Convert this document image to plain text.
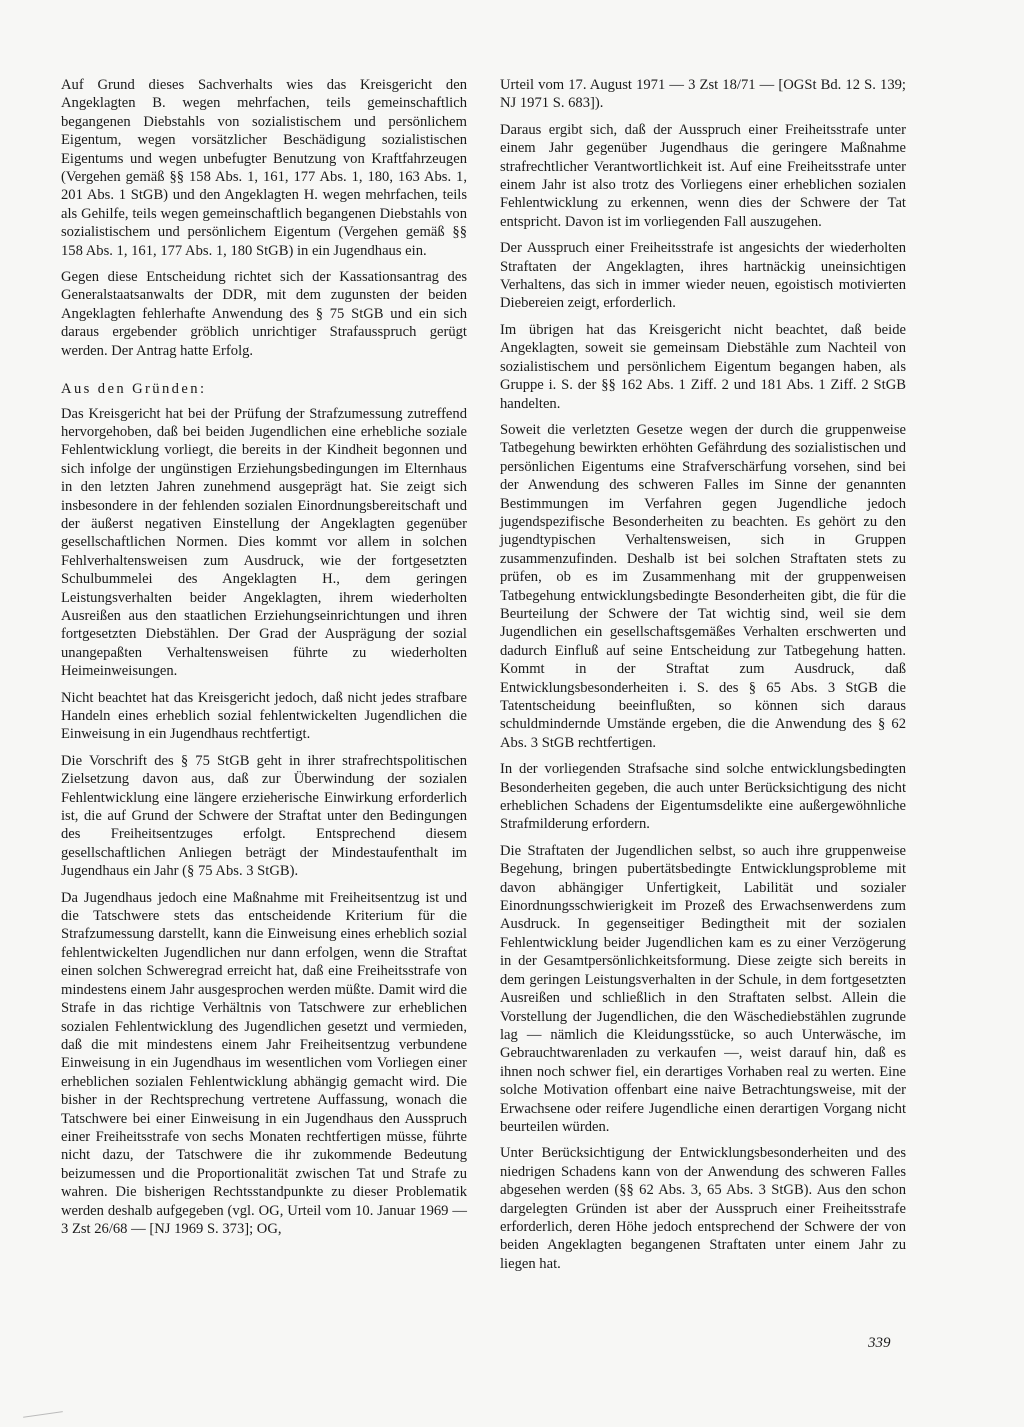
Auf Grund dieses Sachverhalts wies das Kreisgericht den Angeklagten B. wegen mehrfachen, teils gemeinschaftlich begangenen Diebstahls von sozialistischem und persönlichem Eigentum, wegen vorsätzlicher Beschädigung sozialistischen Eigentums und wegen unbefugter Benutzung von Kraftfahrzeugen (Vergehen gemäß §§ 158 Abs. 1, 161, 177 Abs. 1, 180, 163 Abs. 1, 201 Abs. 1 StGB) und den Angeklagten H. wegen mehrfachen, teils als Gehilfe, teils wegen gemeinschaftlich begangenen Diebstahls von sozialistischem und persönlichem Eigentum (Vergehen gemäß §§ 158 Abs. 1, 161, 177 Abs. 1, 180 StGB) in ein Jugendhaus ein.

Gegen diese Entscheidung richtet sich der Kassationsantrag des Generalstaatsanwalts der DDR, mit dem zugunsten der beiden Angeklagten fehlerhafte Anwendung des § 75 StGB und ein sich daraus ergebender gröblich unrichtiger Strafausspruch gerügt werden. Der Antrag hatte Erfolg.

Aus den Gründen:

Das Kreisgericht hat bei der Prüfung der Strafzumessung zutreffend hervorgehoben, daß bei beiden Jugendlichen eine erhebliche soziale Fehlentwicklung vorliegt, die bereits in der Kindheit begonnen und sich infolge der ungünstigen Erziehungsbedingungen im Elternhaus in den letzten Jahren zunehmend ausgeprägt hat. Sie zeigt sich insbesondere in der fehlenden sozialen Einordnungsbereitschaft und der äußerst negativen Einstellung der Angeklagten gegenüber gesellschaftlichen Normen. Dies kommt vor allem in solchen Fehlverhaltensweisen zum Ausdruck, wie der fortgesetzten Schulbummelei des Angeklagten H., dem geringen Leistungsverhalten beider Angeklagten, ihrem wiederholten Ausreißen aus den staatlichen Erziehungseinrichtungen und ihren fortgesetzten Diebstählen. Der Grad der Ausprägung der sozial unangepaßten Verhaltensweisen führte zu wiederholten Heimeinweisungen.

Nicht beachtet hat das Kreisgericht jedoch, daß nicht jedes strafbare Handeln eines erheblich sozial fehlentwickelten Jugendlichen die Einweisung in ein Jugendhaus rechtfertigt.

Die Vorschrift des § 75 StGB geht in ihrer strafrechtspolitischen Zielsetzung davon aus, daß zur Überwindung der sozialen Fehlentwicklung eine längere erzieherische Einwirkung erforderlich ist, die auf Grund der Schwere der Straftat unter den Bedingungen des Freiheitsentzuges erfolgt. Entsprechend diesem gesellschaftlichen Anliegen beträgt der Mindestaufenthalt im Jugendhaus ein Jahr (§ 75 Abs. 3 StGB).

Da Jugendhaus jedoch eine Maßnahme mit Freiheitsentzug ist und die Tatschwere stets das entscheidende Kriterium für die Strafzumessung darstellt, kann die Einweisung eines erheblich sozial fehlentwickelten Jugendlichen nur dann erfolgen, wenn die Straftat einen solchen Schweregrad erreicht hat, daß eine Freiheitsstrafe von mindestens einem Jahr ausgesprochen werden müßte. Damit wird die Strafe in das richtige Verhältnis von Tatschwere zur erheblichen sozialen Fehlentwicklung des Jugendlichen gesetzt und vermieden, daß die mit mindestens einem Jahr Freiheitsentzug verbundene Einweisung in ein Jugendhaus im wesentlichen vom Vorliegen einer erheblichen sozialen Fehlentwicklung abhängig gemacht wird. Die bisher in der Rechtsprechung vertretene Auffassung, wonach die Tatschwere bei einer Einweisung in ein Jugendhaus den Ausspruch einer Freiheitsstrafe von sechs Monaten rechtfertigen müsse, führte nicht dazu, der Tatschwere die ihr zukommende Bedeutung beizumessen und die Proportionalität zwischen Tat und Strafe zu wahren. Die bisherigen Rechtsstandpunkte zu dieser Problematik werden deshalb aufgegeben (vgl. OG, Urteil vom 10. Januar 1969 — 3 Zst 26/68 — [NJ 1969 S. 373]; OG,

Urteil vom 17. August 1971 — 3 Zst 18/71 — [OGSt Bd. 12 S. 139; NJ 1971 S. 683]).

Daraus ergibt sich, daß der Ausspruch einer Freiheitsstrafe unter einem Jahr gegenüber Jugendhaus die geringere Maßnahme strafrechtlicher Verantwortlichkeit ist. Auf eine Freiheitsstrafe unter einem Jahr ist also trotz des Vorliegens einer erheblichen sozialen Fehlentwicklung zu erkennen, wenn dies der Schwere der Tat entspricht. Davon ist im vorliegenden Fall auszugehen.

Der Ausspruch einer Freiheitsstrafe ist angesichts der wiederholten Straftaten der Angeklagten, ihres hartnäckig uneinsichtigen Verhaltens, das sich in immer wieder neuen, egoistisch motivierten Diebereien zeigt, erforderlich.

Im übrigen hat das Kreisgericht nicht beachtet, daß beide Angeklagten, soweit sie gemeinsam Diebstähle zum Nachteil von sozialistischem und persönlichem Eigentum begangen haben, als Gruppe i. S. der §§ 162 Abs. 1 Ziff. 2 und 181 Abs. 1 Ziff. 2 StGB handelten.

Soweit die verletzten Gesetze wegen der durch die gruppenweise Tatbegehung bewirkten erhöhten Gefährdung des sozialistischen und persönlichen Eigentums eine Strafverschärfung vorsehen, sind bei der Anwendung des schweren Falles im Sinne der genannten Bestimmungen im Verfahren gegen Jugendliche jedoch jugendspezifische Besonderheiten zu beachten. Es gehört zu den jugendtypischen Verhaltensweisen, sich in Gruppen zusammenzufinden. Deshalb ist bei solchen Straftaten stets zu prüfen, ob es im Zusammenhang mit der gruppenweisen Tatbegehung entwicklungsbedingte Besonderheiten gibt, die für die Beurteilung der Schwere der Tat wichtig sind, weil sie dem Jugendlichen ein gesellschaftsgemäßes Verhalten erschwerten und dadurch Einfluß auf seine Entscheidung zur Tatbegehung hatten. Kommt in der Straftat zum Ausdruck, daß Entwicklungsbesonderheiten i. S. des § 65 Abs. 3 StGB die Tatentscheidung beeinflußten, so können sich daraus schuldmindernde Umstände ergeben, die die Anwendung des § 62 Abs. 3 StGB rechtfertigen.

In der vorliegenden Strafsache sind solche entwicklungsbedingten Besonderheiten gegeben, die auch unter Berücksichtigung des nicht erheblichen Schadens der Eigentumsdelikte eine außergewöhnliche Strafmilderung erfordern.

Die Straftaten der Jugendlichen selbst, so auch ihre gruppenweise Begehung, bringen pubertätsbedingte Entwicklungsprobleme mit davon abhängiger Unfertigkeit, Labilität und sozialer Einordnungsschwierigkeit im Prozeß des Erwachsenwerdens zum Ausdruck. In gegenseitiger Bedingtheit mit der sozialen Fehlentwicklung beider Jugendlichen kam es zu einer Verzögerung in der Gesamtpersönlichkeitsformung. Diese zeigte sich bereits in dem geringen Leistungsverhalten in der Schule, in dem fortgesetzten Ausreißen und schließlich in den Straftaten selbst. Allein die Vorstellung der Jugendlichen, die den Wäschediebstählen zugrunde lag — nämlich die Kleidungsstücke, so auch Unterwäsche, im Gebrauchtwarenladen zu verkaufen —, weist darauf hin, daß es ihnen noch schwer fiel, ein derartiges Vorhaben real zu werten. Eine solche Motivation offenbart eine naive Betrachtungsweise, mit der Erwachsene oder reifere Jugendliche einen derartigen Vorgang nicht beurteilen würden.

Unter Berücksichtigung der Entwicklungsbesonderheiten und des niedrigen Schadens kann von der Anwendung des schweren Falles abgesehen werden (§§ 62 Abs. 3, 65 Abs. 3 StGB). Aus den schon dargelegten Gründen ist aber der Ausspruch einer Freiheitsstrafe erforderlich, deren Höhe jedoch entsprechend der Schwere der von beiden Angeklagten begangenen Straftaten unter einem Jahr zu liegen hat.

339
